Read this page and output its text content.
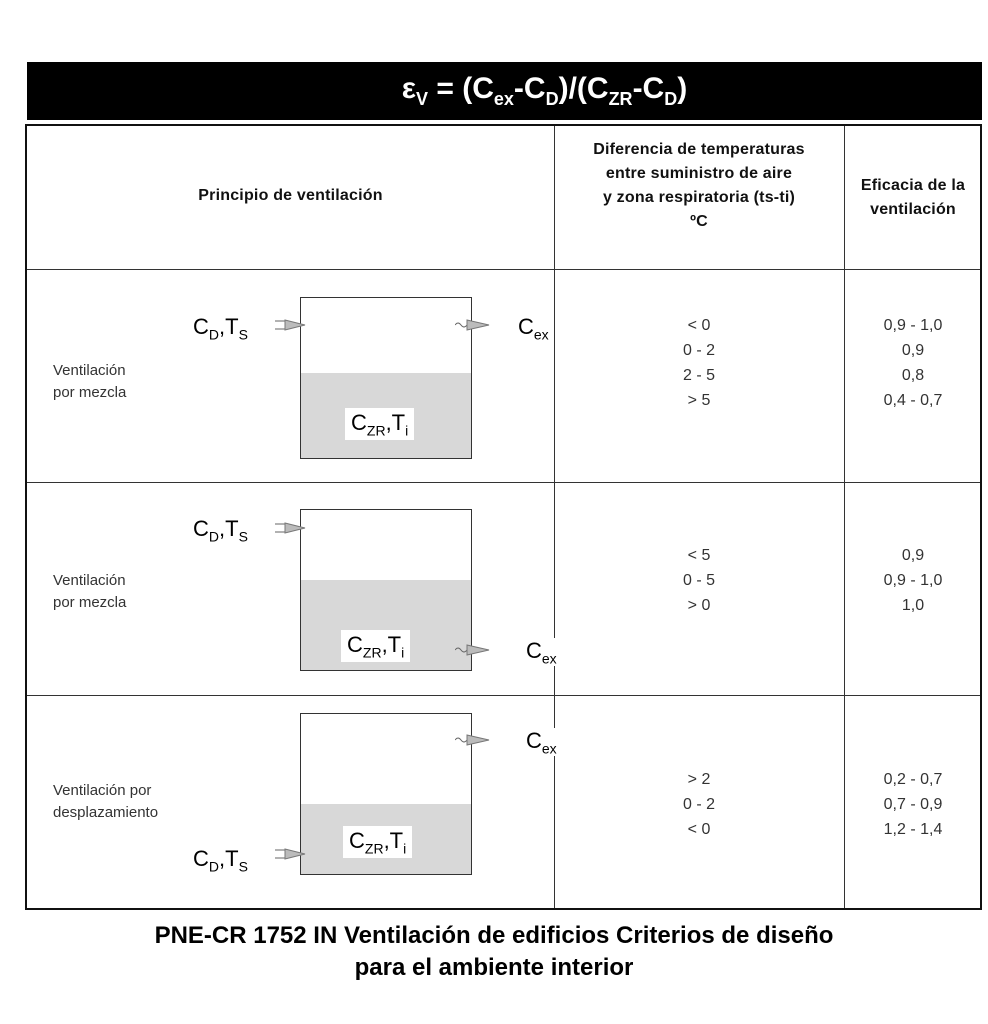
$\varepsilon_V = (C_{ex}-C_D)/(C_{ZR}-C_D)$
Principio de ventilación
Diferencia de temperaturas
entre suministro de aire
y zona respiratoria (ts-ti)
ºC
Eficacia de la
ventilación
Ventilación
por mezcla
$C_D,T_S$	$C_{ex}$
$C_{ZR},T_i$
< 0
0 - 2
2 - 5
> 5
0,9 - 1,0
0,9
0,8
0,4 - 0,7
Ventilación
por mezcla
$C_D,T_S$
$C_{ex}$
$C_{ZR},T_i$
< 5
0 - 5
> 0
0,9
0,9 - 1,0
1,0
Ventilación por
desplazamiento
$C_{ex}$
$C_D,T_S$
$C_{ZR},T_i$
> 2
0 - 2
< 0
0,2 - 0,7
0,7 - 0,9
1,2 - 1,4
PNE-CR 1752 IN Ventilación de edificios Criterios de diseño
para el ambiente interior
